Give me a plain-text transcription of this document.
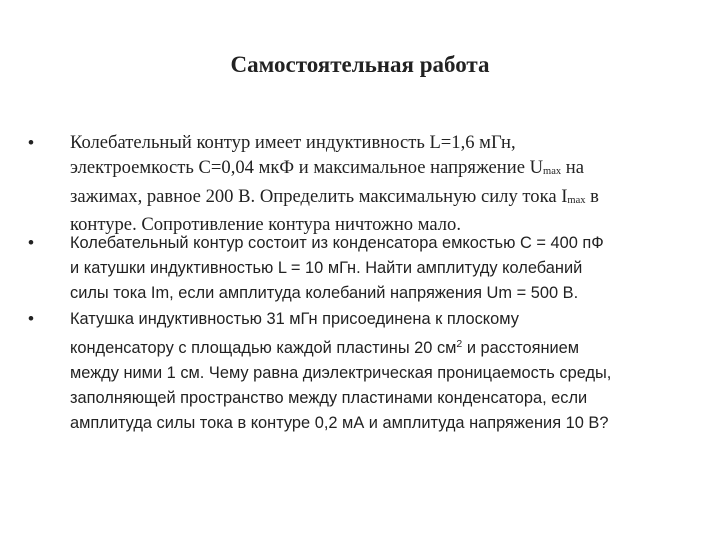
Самостоятельная работа
• Колебательный контур имеет индуктивность L=1,6 мГн,
электроемкость С=0,04 мкФ и максимальное напряжение Umax на
зажимах, равное 200 В. Определить максимальную силу тока Imax в
контуре. Сопротивление контура ничтожно мало.
• Колебательный контур состоит из конденсатора емкостью C = 400 пФ
и катушки индуктивностью L = 10 мГн. Найти амплитуду колебаний
силы тока Im, если амплитуда колебаний напряжения Um = 500 В.
• Катушка индуктивностью 31 мГн присоединена к плоскому
конденсатору с площадью каждой пластины 20 $см^2$ и расстоянием
между ними 1 см. Чему равна диэлектрическая проницаемость среды,
заполняющей пространство между пластинами конденсатора, если
амплитуда силы тока в контуре 0,2 мА и амплитуда напряжения 10 В?
